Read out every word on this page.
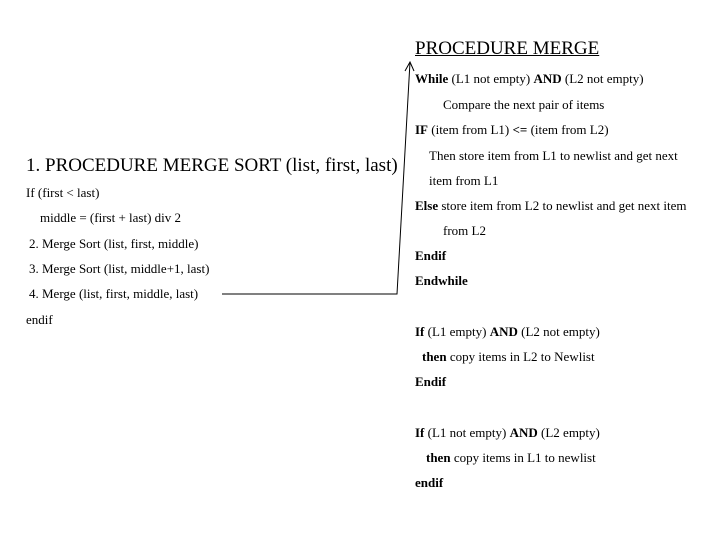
1. PROCEDURE MERGE SORT (list, first, last)
If (first < last)
middle = (first + last) div 2
2. Merge Sort (list, first, middle)
3. Merge Sort (list, middle+1, last)
4. Merge (list, first, middle, last)
endif
PROCEDURE MERGE
While (L1 not empty) AND (L2 not empty)
Compare the next pair of items
IF (item from L1) <= (item from L2)
Then store item from L1 to newlist and get next
item from L1
Else store item from L2 to newlist and get next item
from L2
Endif
Endwhile
If (L1 empty) AND (L2 not empty)
then copy items in L2 to Newlist
Endif
If (L1 not empty) AND (L2 empty)
then copy items in L1 to newlist
endif
